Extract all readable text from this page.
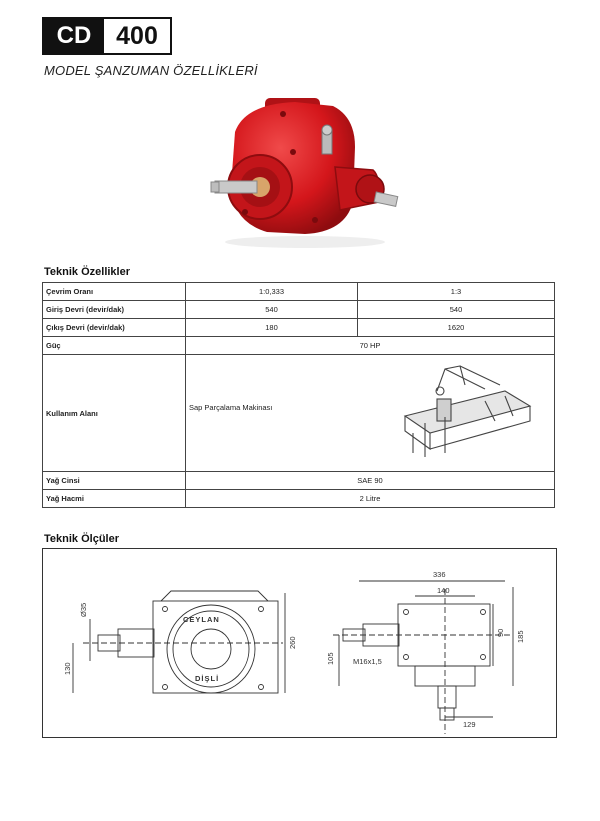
CD 400
MODEL ŞANZUMAN ÖZELLİKLERİ
Teknik Özellikler
Çevrim Oranı	1:0,333	1:3
Giriş Devri (devir/dak)	540	540
Çıkış Devri (devir/dak)	180	1620
Güç	70 HP	
Kullanım Alanı	Sap Parçalama Makinası	

Yağ Cinsi	SAE 90	
Yağ Hacmi	2 Litre	
Teknik Ölçüler
Ø35
130
260
CEYLAN
DİŞLİ
336
140
90 185
105 M16x1,5
129
